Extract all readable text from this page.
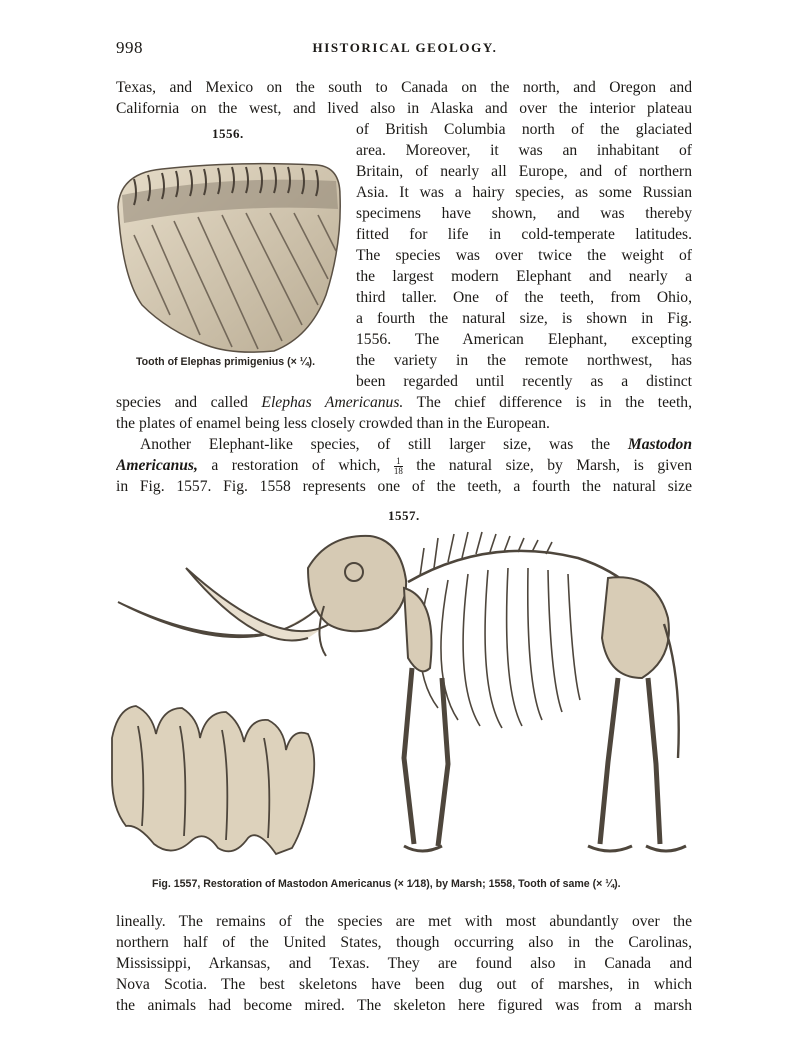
998	HISTORICAL GEOLOGY.
Texas, and Mexico on the south to Canada on the north, and Oregon and
California on the west, and lived also in Alaska and over the interior plateau
of British Columbia north of the glaciated
area. Moreover, it was an inhabitant of
Britain, of nearly all Europe, and of northern
Asia. It was a hairy species, as some Russian
specimens have shown, and was thereby
fitted for life in cold-temperate latitudes.
The species was over twice the weight of
the largest modern Elephant and nearly a
third taller. One of the teeth, from Ohio,
a fourth the natural size, is shown in Fig.
1556. The American Elephant, excepting
the variety in the remote northwest, has
been regarded until recently as a distinct
species and called Elephas Americanus. The chief difference is in the teeth,
the plates of enamel being less closely crowded than in the European.
Another Elephant-like species, of still larger size, was the Mastodon
Americanus, a restoration of which, $\frac{1}{18}$ the natural size, by Marsh, is given
in Fig. 1557. Fig. 1558 represents one of the teeth, a fourth the natural size
1556.
Tooth of Elephas primigenius (× ¼).
1557.
Fig. 1557, Restoration of Mastodon Americanus (× 1⁄18), by Marsh; 1558, Tooth of same (× ¼).
lineally. The remains of the species are met with most abundantly over the
northern half of the United States, though occurring also in the Carolinas,
Mississippi, Arkansas, and Texas. They are found also in Canada and
Nova Scotia. The best skeletons have been dug out of marshes, in which
the animals had become mired. The skeleton here figured was from a marsh
